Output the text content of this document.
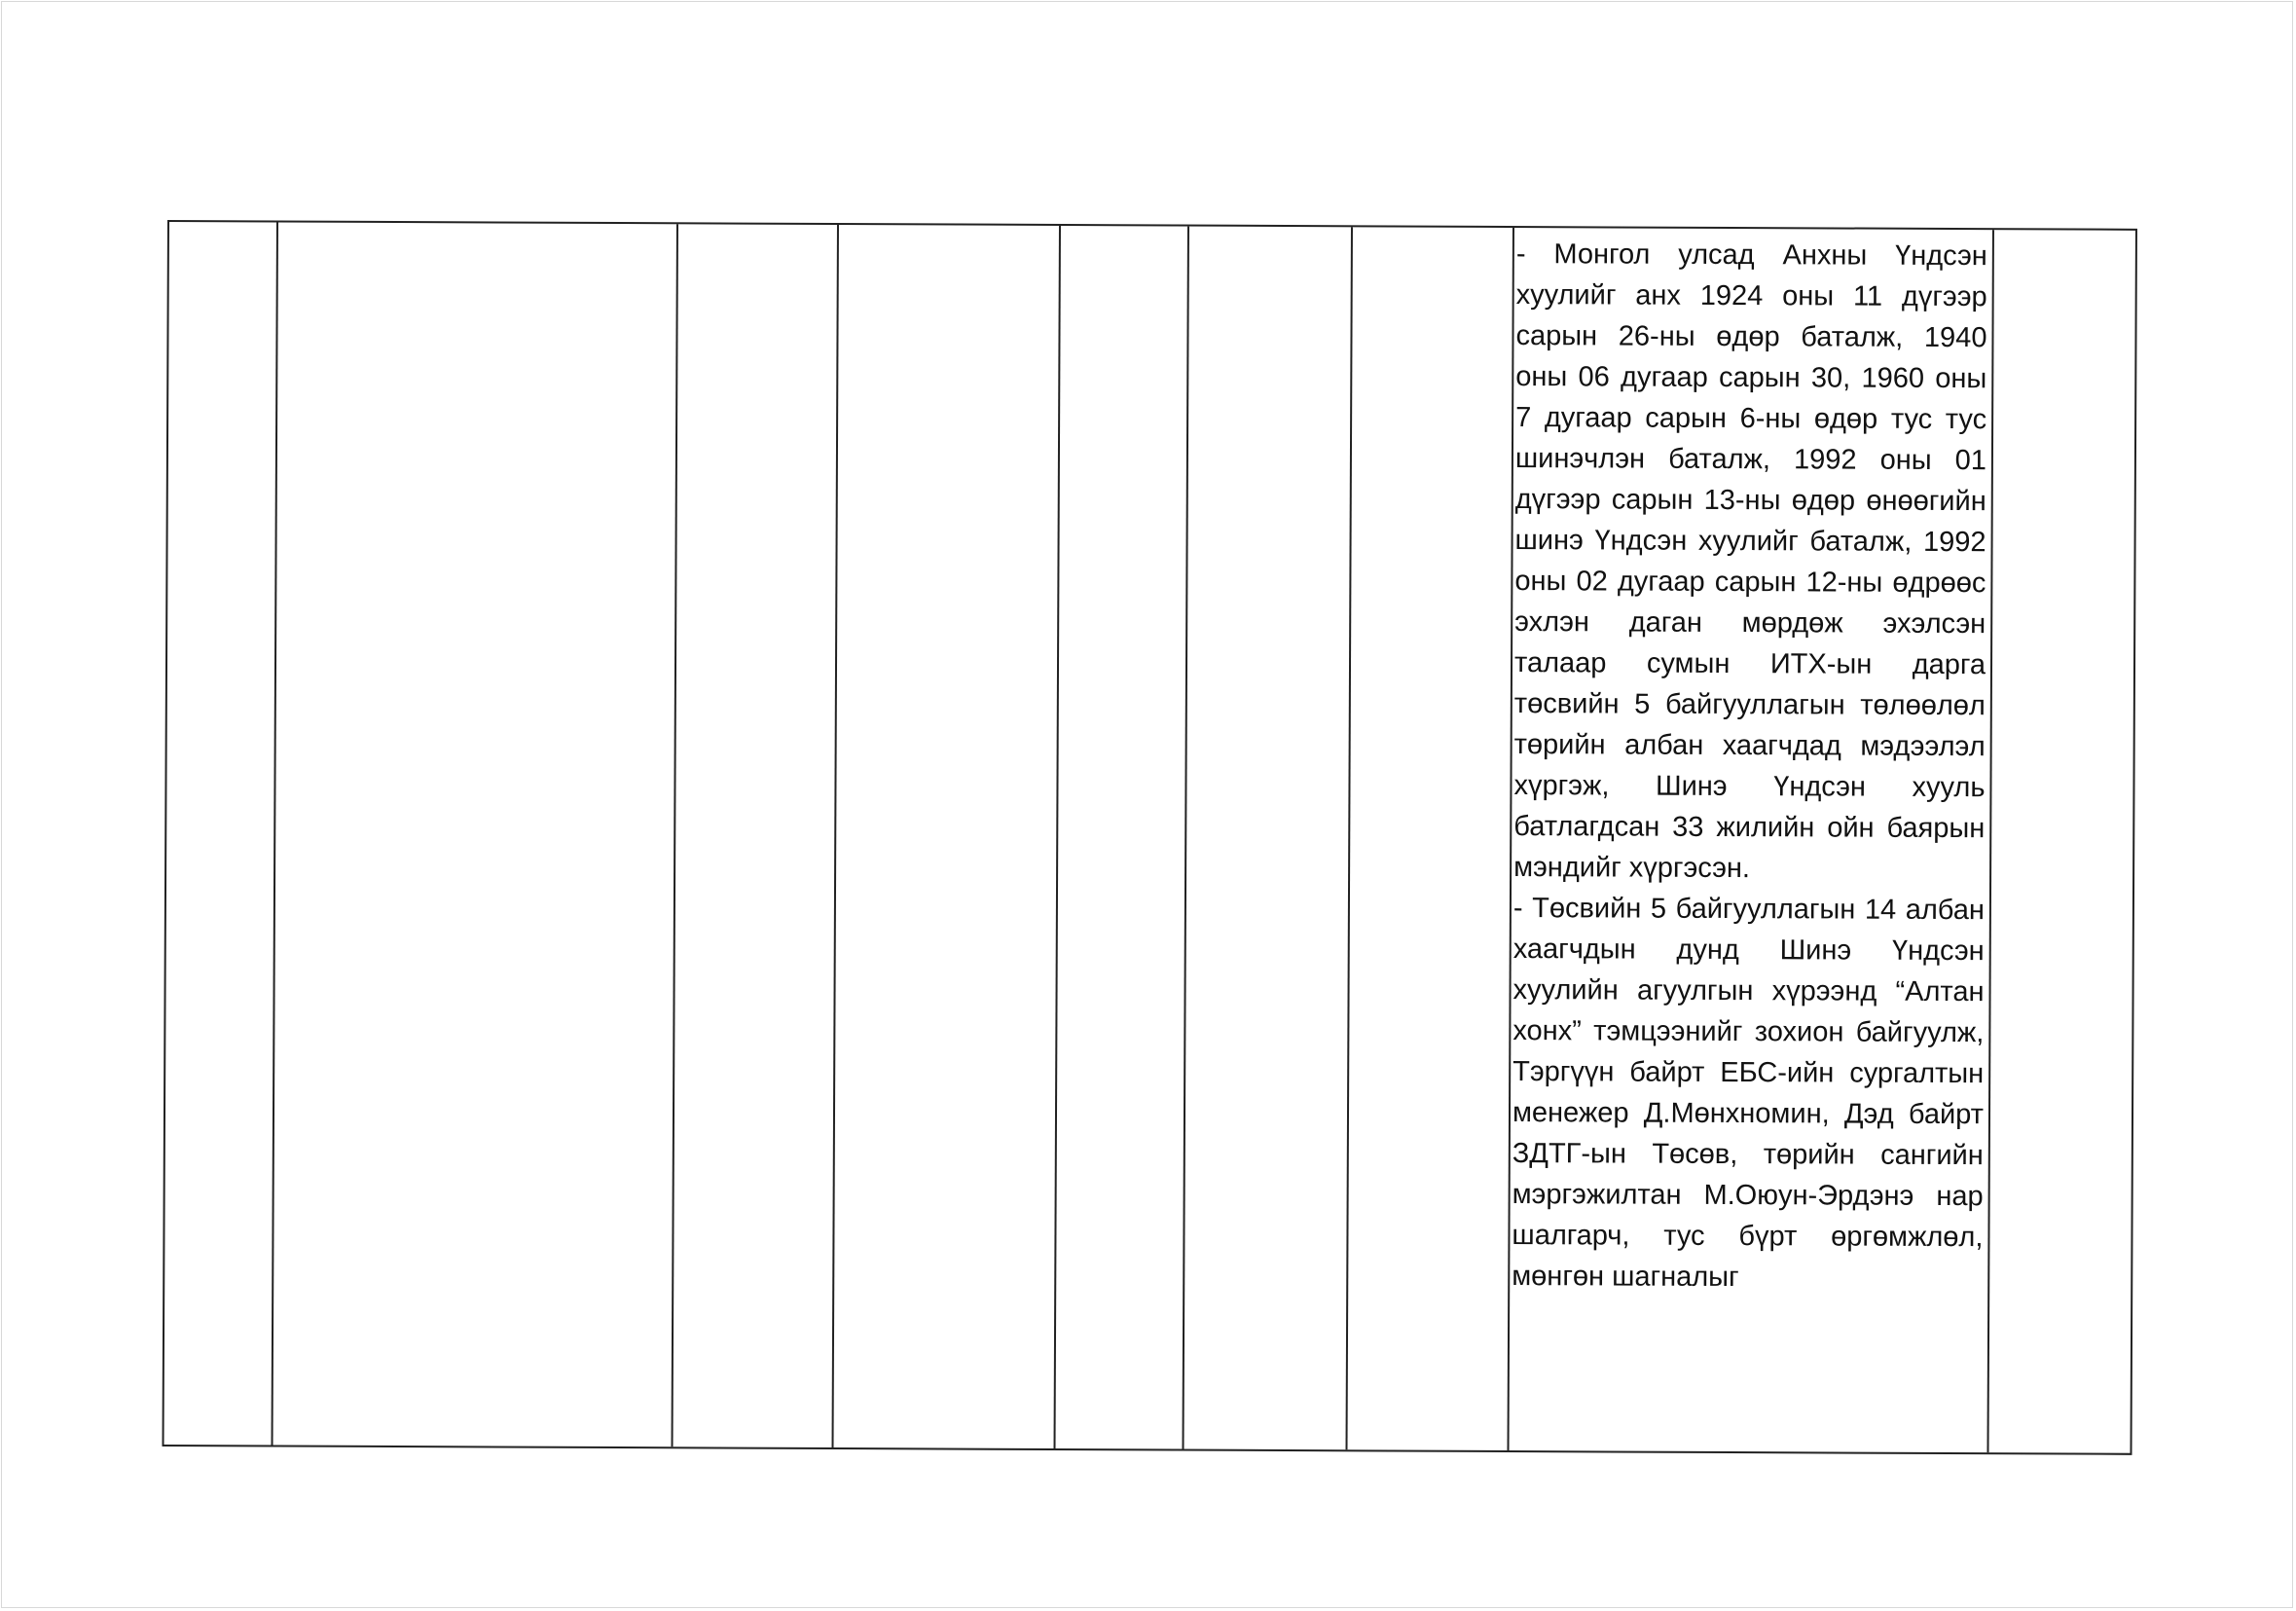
- Монгол улсад Анхны Үндсэн хуулийг анх 1924 оны 11 дүгээр сарын 26-ны өдөр баталж, 1940 оны 06 дугаар сарын 30, 1960 оны 7 дугаар сарын 6-ны өдөр тус тус шинэчлэн баталж, 1992 оны 01 дүгээр сарын 13-ны өдөр өнөөгийн шинэ Үндсэн хуулийг баталж, 1992 оны 02 дугаар сарын 12-ны өдрөөс эхлэн даган мөрдөж эхэлсэн талаар сумын ИТХ-ын дарга төсвийн 5 байгууллагын төлөөлөл төрийн албан хаагчдад мэдээлэл хүргэж, Шинэ Үндсэн хууль батлагдсан 33 жилийн ойн баярын мэндийг хүргэсэн.

- Төсвийн 5 байгууллагын 14 албан хаагчдын дунд Шинэ Үндсэн хуулийн агуулгын хүрээнд “Алтан хонх” тэмцээнийг зохион байгуулж, Тэргүүн байрт ЕБС-ийн сургалтын менежер Д.Мөнхномин, Дэд байрт ЗДТГ-ын Төсөв, төрийн сангийн мэргэжилтан М.Оюун-Эрдэнэ нар шалгарч, тус бүрт өргөмжлөл, мөнгөн шагналыг
